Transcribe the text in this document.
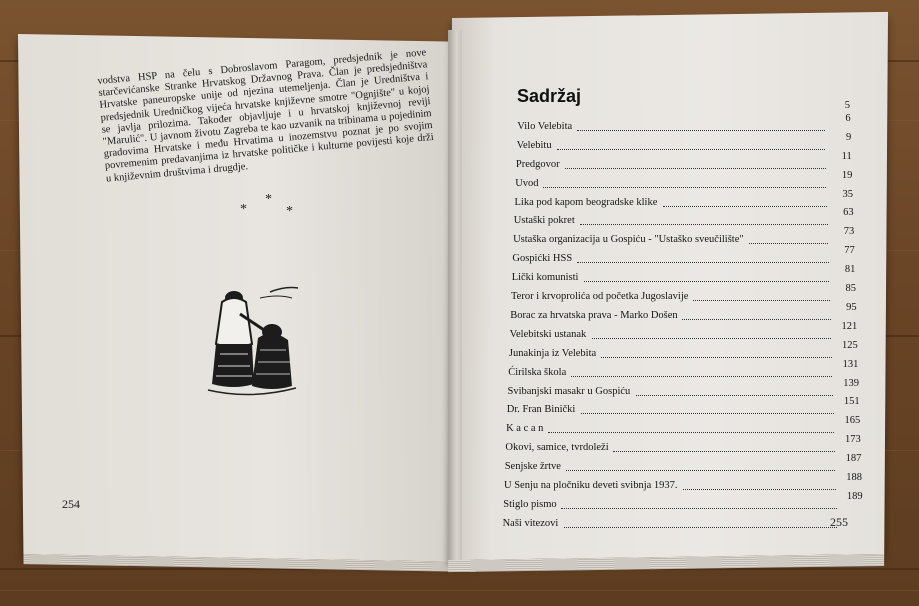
vodstva HSP na čelu s Dobroslavom Paragom, predsjednik je nove starčevićanske Stranke Hrvatskog Državnog Prava. Član je predsjedništva Hrvatske paneuropske unije od njezina utemeljenja. Član je Uredništva i predsjednik Uredničkog vijeća hrvatske književne smotre "Ognjište" u kojoj se javlja prilozima. Također objavljuje i u hrvatskoj književnoj reviji "Marulić". U javnom životu Zagreba te kao uzvanik na tribinama u pojedinim gradovima Hrvatske i među Hrvatima u inozemstvu poznat je po svojim povremenim predavanjima iz hrvatske političke i kulturne povijesti koje drži u književnim društvima i drugdje.
*
*	*
254
255
Sadržaj	5
Vilo Velebita
6
Velebitu
9
Predgovor
11
Uvod
19
Lika pod kapom beogradske klike
35
Ustaški pokret
63
Ustaška organizacija u Gospiću - "Ustaško sveučilište"
73
Gospićki HSS
77
Lički komunisti
81
Teror i krvoprolića od početka Jugoslavije
85
Borac za hrvatska prava - Marko Došen
95
Velebitski ustanak
121
Junakinja iz Velebita
125
Ćirilska škola
131
Svibanjski masakr u Gospiću
139
Dr. Fran Binički
151
K a c a n
165
Okovi, samice, tvrdoleži
173
Senjske žrtve
187
U Senju na pločniku deveti svibnja 1937.
188
Stiglo pismo
189
Naši vitezovi
